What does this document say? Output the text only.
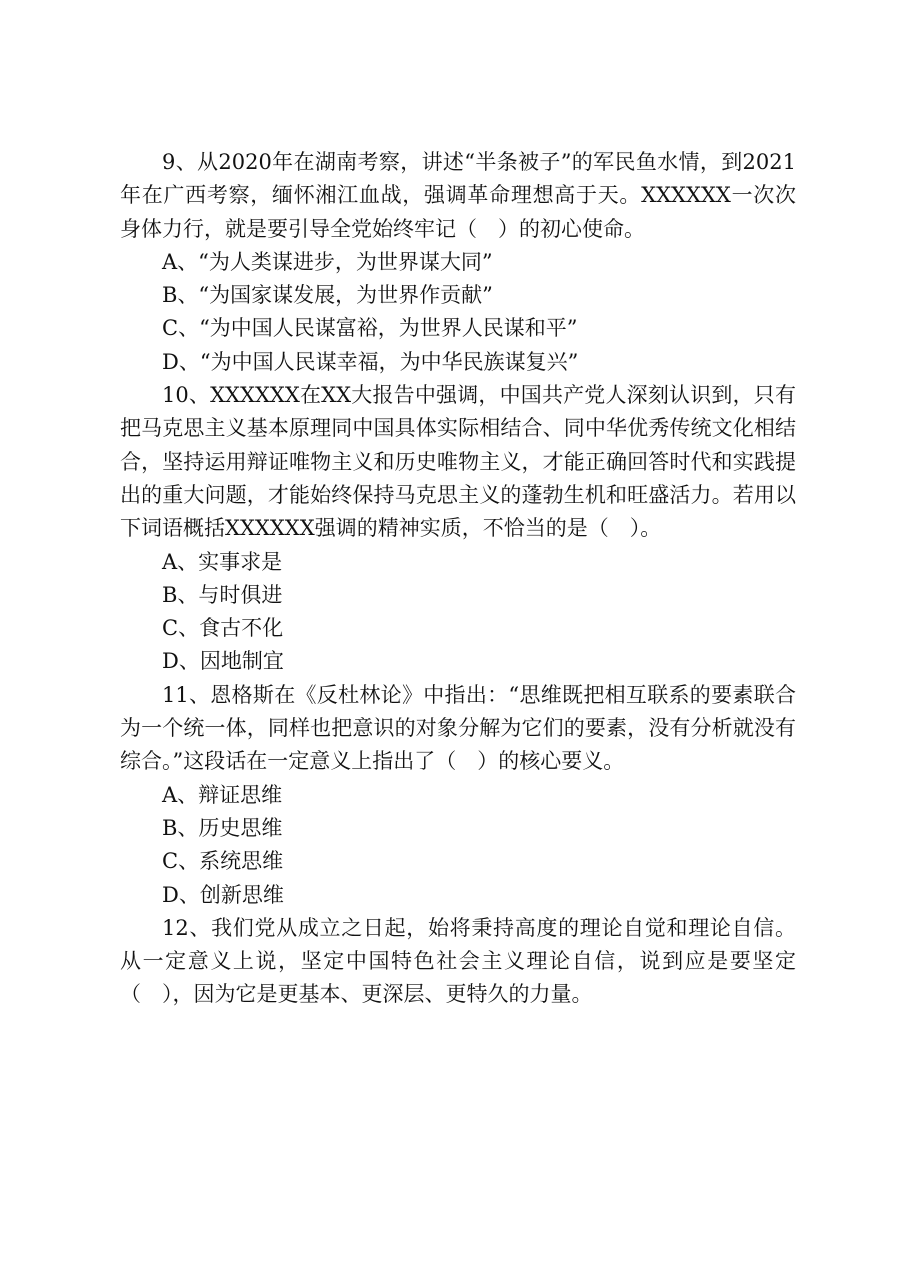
9、从2020年在湖南考察，讲述“半条被子”的军民鱼水情，到2021年在广西考察，缅怀湘江血战，强调革命理想高于天。XXXXXX一次次身体力行，就是要引导全党始终牢记（　）的初心使命。

A、“为人类谋进步，为世界谋大同”

B、“为国家谋发展，为世界作贡献”

C、“为中国人民谋富裕，为世界人民谋和平”

D、“为中国人民谋幸福，为中华民族谋复兴”

10、XXXXXX在XX大报告中强调，中国共产党人深刻认识到，只有把马克思主义基本原理同中国具体实际相结合、同中华优秀传统文化相结合，坚持运用辩证唯物主义和历史唯物主义，才能正确回答时代和实践提出的重大问题，才能始终保持马克思主义的蓬勃生机和旺盛活力。若用以下词语概括XXXXXX强调的精神实质，不恰当的是（　）。

A、实事求是

B、与时俱进

C、食古不化

D、因地制宜

11、恩格斯在《反杜林论》中指出：“思维既把相互联系的要素联合为一个统一体，同样也把意识的对象分解为它们的要素，没有分析就没有综合。”这段话在一定意义上指出了（　）的核心要义。

A、辩证思维

B、历史思维

C、系统思维

D、创新思维

12、我们党从成立之日起，始将秉持高度的理论自觉和理论自信。从一定意义上说，坚定中国特色社会主义理论自信，说到应是要坚定（　），因为它是更基本、更深层、更特久的力量。
